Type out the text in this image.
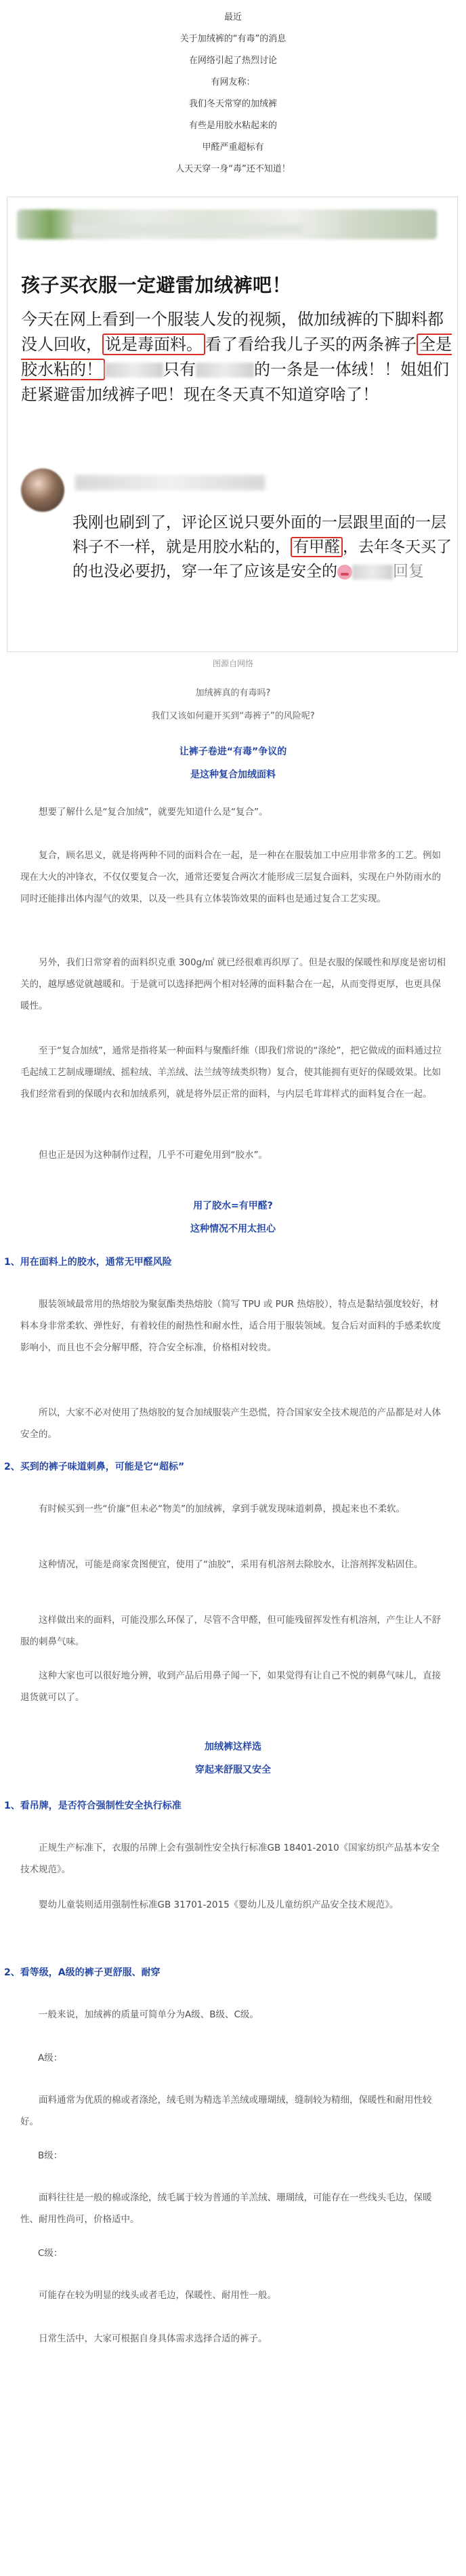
最近

关于加绒裤的“有毒”的消息

在网络引起了热烈讨论

有网友称：

我们冬天常穿的加绒裤

有些是用胶水粘起来的

甲醛严重超标有

人天天穿一身“毒”还不知道！

孩子买衣服一定避雷加绒裤吧！

今天在网上看到一个服装人发的视频，做加绒裤的下脚料都没人回收， 说是毒面料。 看了看给我儿子买的两条裤子 全是胶水粘的！	只有	的一条是一体绒！！姐姐们赶紧避雷加绒裤子吧！现在冬天真不知道穿啥了！

我刚也刷到了，评论区说只要外面的一层跟里面的一层料子不一样，就是用胶水粘的， 有甲醛 ，去年冬天买了的也没必要扔，穿一年了应该是安全的	回复

图源自网络

加绒裤真的有毒吗?

我们又该如何避开买到“毒裤子”的风险呢?

让裤子卷进“有毒”争议的
是这种复合加绒面料

想要了解什么是“复合加绒”，就要先知道什么是“复合”。

复合，顾名思义，就是将两种不同的面料合在一起，是一种在在服装加工中应用非常多的工艺。例如现在大火的冲锋衣，不仅仅要复合一次，通常还要复合两次才能形成三层复合面料，实现在户外防雨水的同时还能排出体内湿气的效果，以及一些具有立体装饰效果的面料也是通过复合工艺实现。

另外，我们日常穿着的面料织克重 300g/㎡ 就已经很难再织厚了。但是衣服的保暖性和厚度是密切相关的，越厚感觉就越暖和。于是就可以选择把两个相对轻薄的面料黏合在一起，从而变得更厚，也更具保暖性。

至于“复合加绒”，通常是指将某一种面料与聚酯纤维（即我们常说的“涤纶”，把它做成的面料通过拉毛起绒工艺制成珊瑚绒、摇粒绒、羊羔绒、法兰绒等绒类织物）复合，使其能拥有更好的保暖效果。比如我们经常看到的保暖内衣和加绒系列，就是将外层正常的面料，与内层毛茸茸样式的面料复合在一起。

但也正是因为这种制作过程，几乎不可避免用到“胶水”。

用了胶水=有甲醛?
这种情况不用太担心

1、用在面料上的胶水，通常无甲醛风险

服装领域最常用的热熔胶为聚氨酯类热熔胶（简写 TPU 或 PUR 热熔胶），特点是黏结强度较好，材料本身非常柔软、弹性好，有着较佳的耐热性和耐水性，适合用于服装领域。复合后对面料的手感柔软度影响小，而且也不会分解甲醛，符合安全标准，价格相对较贵。

所以，大家不必对使用了热熔胶的复合加绒服装产生恐慌，符合国家安全技术规范的产品都是对人体安全的。

2、买到的裤子味道刺鼻，可能是它“超标”

有时候买到一些“价廉”但未必“物美”的加绒裤，拿到手就发现味道刺鼻，摸起来也不柔软。

这种情况，可能是商家贪图便宜，使用了“油胶”，采用有机溶剂去除胶水，让溶剂挥发粘固住。

这样做出来的面料，可能没那么环保了，尽管不含甲醛，但可能残留挥发性有机溶剂，产生让人不舒服的刺鼻气味。

这种大家也可以很好地分辨，收到产品后用鼻子闻一下，如果觉得有让自己不悦的刺鼻气味儿，直接退货就可以了。

加绒裤这样选
穿起来舒服又安全

1、看吊牌，是否符合强制性安全执行标准

正规生产标准下，衣服的吊牌上会有强制性安全执行标准GB 18401-2010《国家纺织产品基本安全技术规范》。

婴幼儿童装则适用强制性标准GB 31701-2015《婴幼儿及儿童纺织产品安全技术规范》。

2、看等级，A级的裤子更舒服、耐穿

一般来说，加绒裤的质量可简单分为A级、B级、C级。

A级：

面料通常为优质的棉或者涤纶，绒毛则为精选羊羔绒或珊瑚绒，缝制较为精细，保暖性和耐用性较好。

B级：

面料往往是一般的棉或涤纶，绒毛属于较为普通的羊羔绒、珊瑚绒，可能存在一些线头毛边，保暖性、耐用性尚可，价格适中。

C级：

可能存在较为明显的线头或者毛边，保暖性、耐用性一般。

日常生活中，大家可根据自身具体需求选择合适的裤子。
